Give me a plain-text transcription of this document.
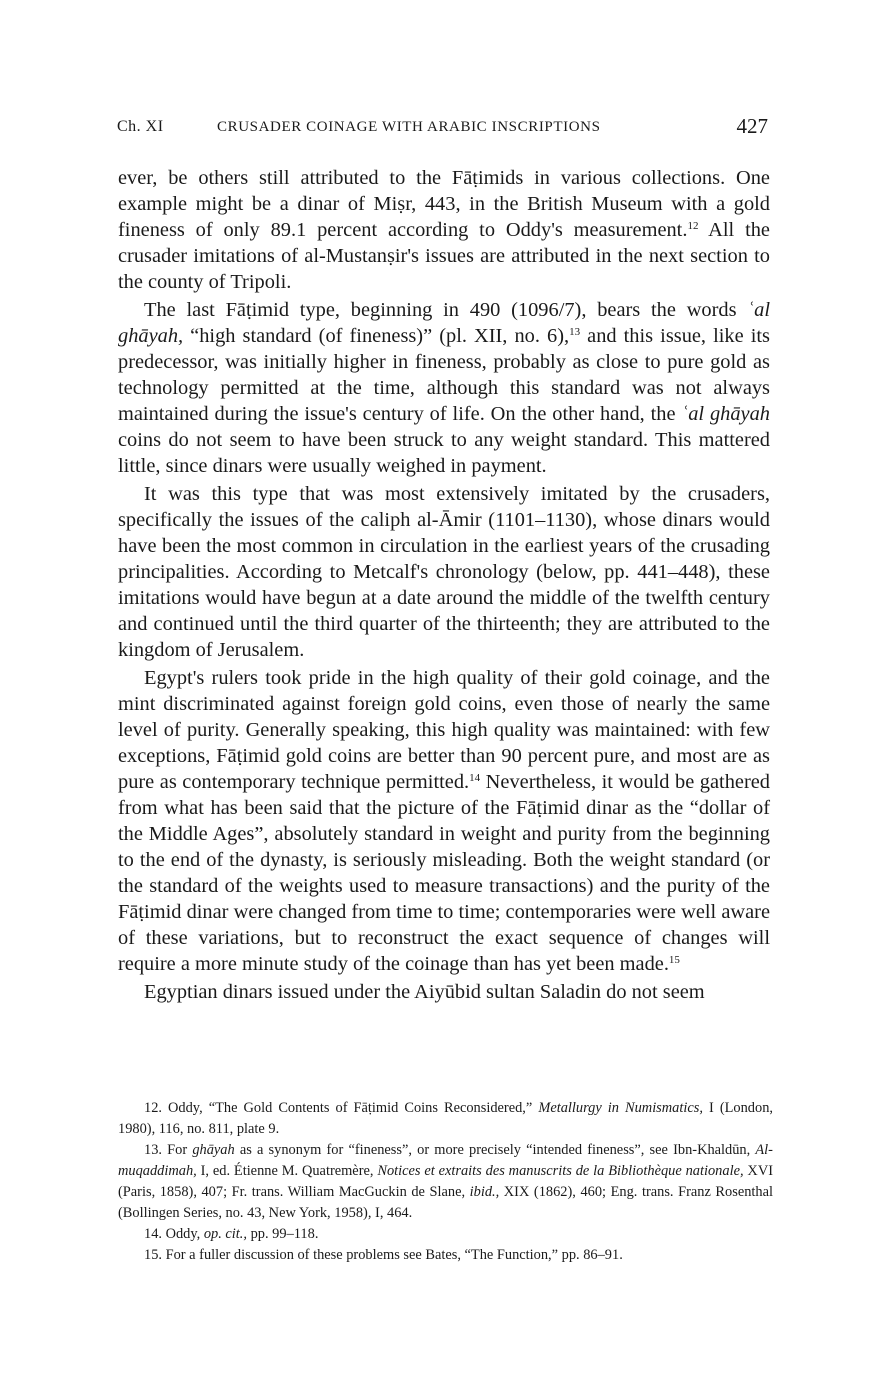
Ch. XI	CRUSADER COINAGE WITH ARABIC INSCRIPTIONS	427

ever, be others still attributed to the Fāṭimids in various collections. One example might be a dinar of Miṣr, 443, in the British Museum with a gold fineness of only 89.1 percent according to Oddy's measurement.$^{12}$ All the crusader imitations of al-Mustanṣir's issues are attributed in the next section to the county of Tripoli.

The last Fāṭimid type, beginning in 490 (1096/7), bears the words ʿal ghāyah, “high standard (of fineness)” (pl. XII, no. 6),$^{13}$ and this issue, like its predecessor, was initially higher in fineness, probably as close to pure gold as technology permitted at the time, although this standard was not always maintained during the issue's century of life. On the other hand, the ʿal ghāyah coins do not seem to have been struck to any weight standard. This mattered little, since dinars were usually weighed in payment.

It was this type that was most extensively imitated by the crusaders, specifically the issues of the caliph al-Āmir (1101–1130), whose dinars would have been the most common in circulation in the earliest years of the crusading principalities. According to Metcalf's chronology (below, pp. 441–448), these imitations would have begun at a date around the middle of the twelfth century and continued until the third quarter of the thirteenth; they are attributed to the kingdom of Jerusalem.

Egypt's rulers took pride in the high quality of their gold coinage, and the mint discriminated against foreign gold coins, even those of nearly the same level of purity. Generally speaking, this high quality was maintained: with few exceptions, Fāṭimid gold coins are better than 90 percent pure, and most are as pure as contemporary technique permitted.$^{14}$ Nevertheless, it would be gathered from what has been said that the picture of the Fāṭimid dinar as the “dollar of the Middle Ages”, absolutely standard in weight and purity from the beginning to the end of the dynasty, is seriously misleading. Both the weight standard (or the standard of the weights used to measure transactions) and the purity of the Fāṭimid dinar were changed from time to time; contemporaries were well aware of these variations, but to reconstruct the exact sequence of changes will require a more minute study of the coinage than has yet been made.$^{15}$

Egyptian dinars issued under the Aiyūbid sultan Saladin do not seem

12. Oddy, “The Gold Contents of Fāṭimid Coins Reconsidered,” Metallurgy in Numismatics, I (London, 1980), 116, no. 811, plate 9.

13. For ghāyah as a synonym for “fineness”, or more precisely “intended fineness”, see Ibn-Khaldūn, Al-muqaddimah, I, ed. Étienne M. Quatremère, Notices et extraits des manuscrits de la Bibliothèque nationale, XVI (Paris, 1858), 407; Fr. trans. William MacGuckin de Slane, ibid., XIX (1862), 460; Eng. trans. Franz Rosenthal (Bollingen Series, no. 43, New York, 1958), I, 464.

14. Oddy, op. cit., pp. 99–118.

15. For a fuller discussion of these problems see Bates, “The Function,” pp. 86–91.
